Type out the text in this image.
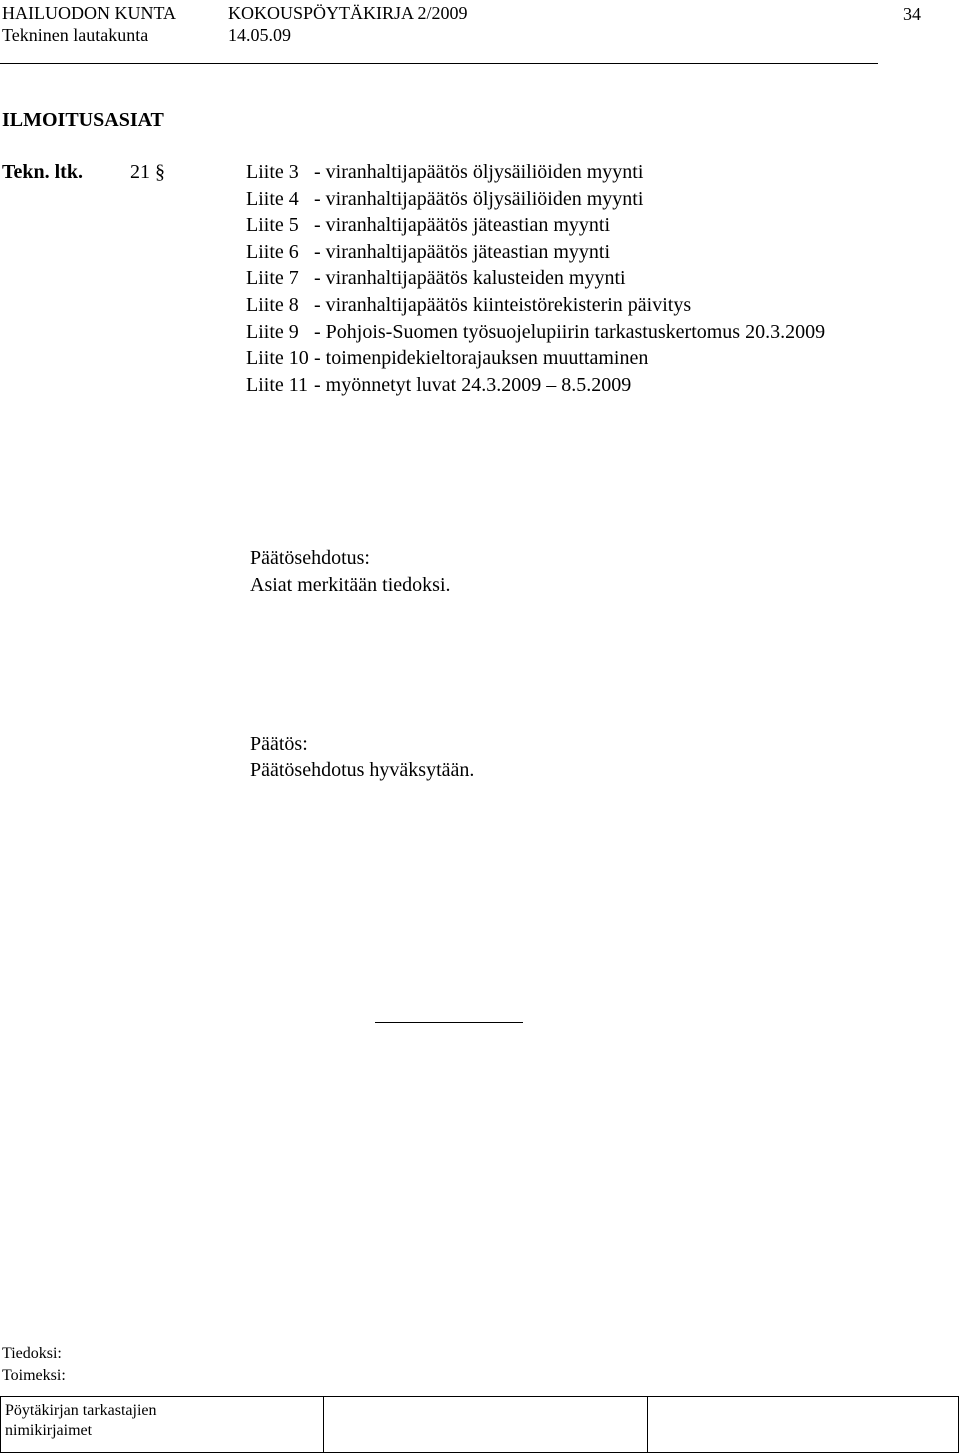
HAILUODON KUNTA	KOKOUSPÖYTÄKIRJA 2/2009	34
Tekninen lautakunta	14.05.09
ILMOITUSASIAT
Tekn. ltk. 21 §	Liite 3 - viranhaltijapäätös öljysäiliöiden myynti
Liite 4 - viranhaltijapäätös öljysäiliöiden myynti
Liite 5 - viranhaltijapäätös jäteastian myynti
Liite 6 - viranhaltijapäätös jäteastian myynti
Liite 7 - viranhaltijapäätös kalusteiden myynti
Liite 8 - viranhaltijapäätös kiinteistörekisterin päivitys
Liite 9 - Pohjois-Suomen työsuojelupiirin tarkastuskertomus 20.3.2009
Liite 10 - toimenpidekieltorajauksen muuttaminen
Liite 11 - myönnetyt luvat 24.3.2009 – 8.5.2009
Päätösehdotus:
Asiat merkitään tiedoksi.
Päätös:
Päätösehdotus hyväksytään.
Tiedoksi:
Toimeksi:
Pöytäkirjan tarkastajien
nimikirjaimet
